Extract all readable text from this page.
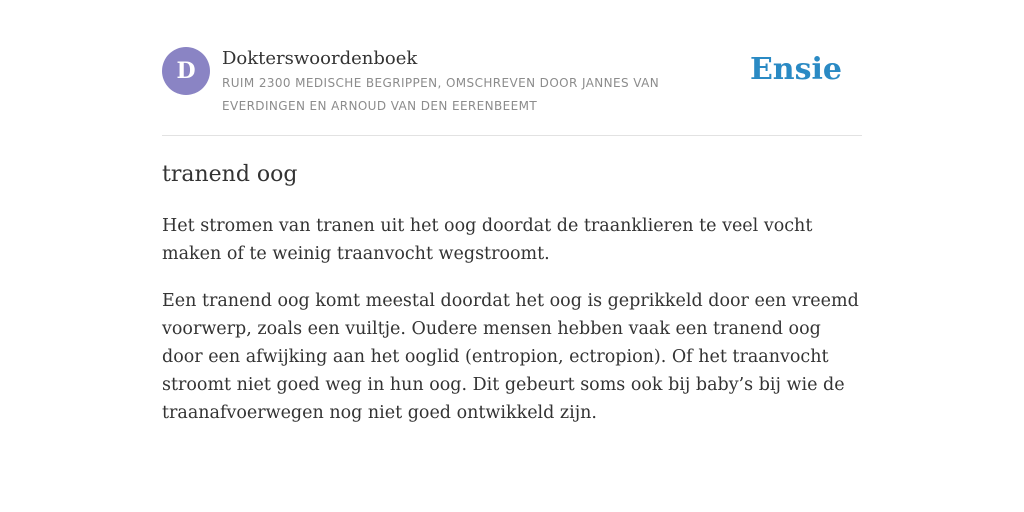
D	Dokterswoordenboek
RUIM 2300 MEDISCHE BEGRIPPEN, OMSCHREVEN DOOR JANNES VAN EVERDINGEN EN ARNOUD VAN DEN EERENBEEMT
Ensie
tranend oog

Het stromen van tranen uit het oog doordat de traanklieren te veel vocht maken of te weinig traanvocht wegstroomt.

Een tranend oog komt meestal doordat het oog is geprikkeld door een vreemd voorwerp, zoals een vuiltje. Oudere mensen hebben vaak een tranend oog door een afwijking aan het ooglid (entropion, ectropion). Of het traanvocht stroomt niet goed weg in hun oog. Dit gebeurt soms ook bij baby’s bij wie de traanafvoerwegen nog niet goed ontwikkeld zijn.
